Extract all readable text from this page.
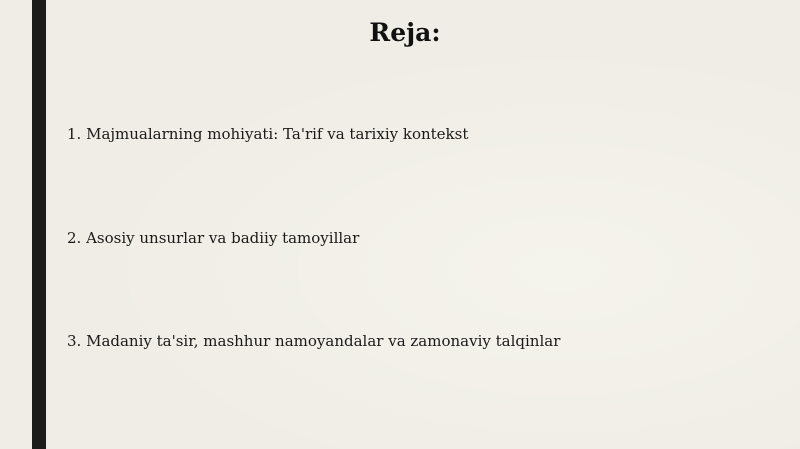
Reja:
1. Majmualarning mohiyati: Ta'rif va tarixiy kontekst
2. Asosiy unsurlar va badiiy tamoyillar
3. Madaniy ta'sir, mashhur namoyandalar va zamonaviy talqinlar
